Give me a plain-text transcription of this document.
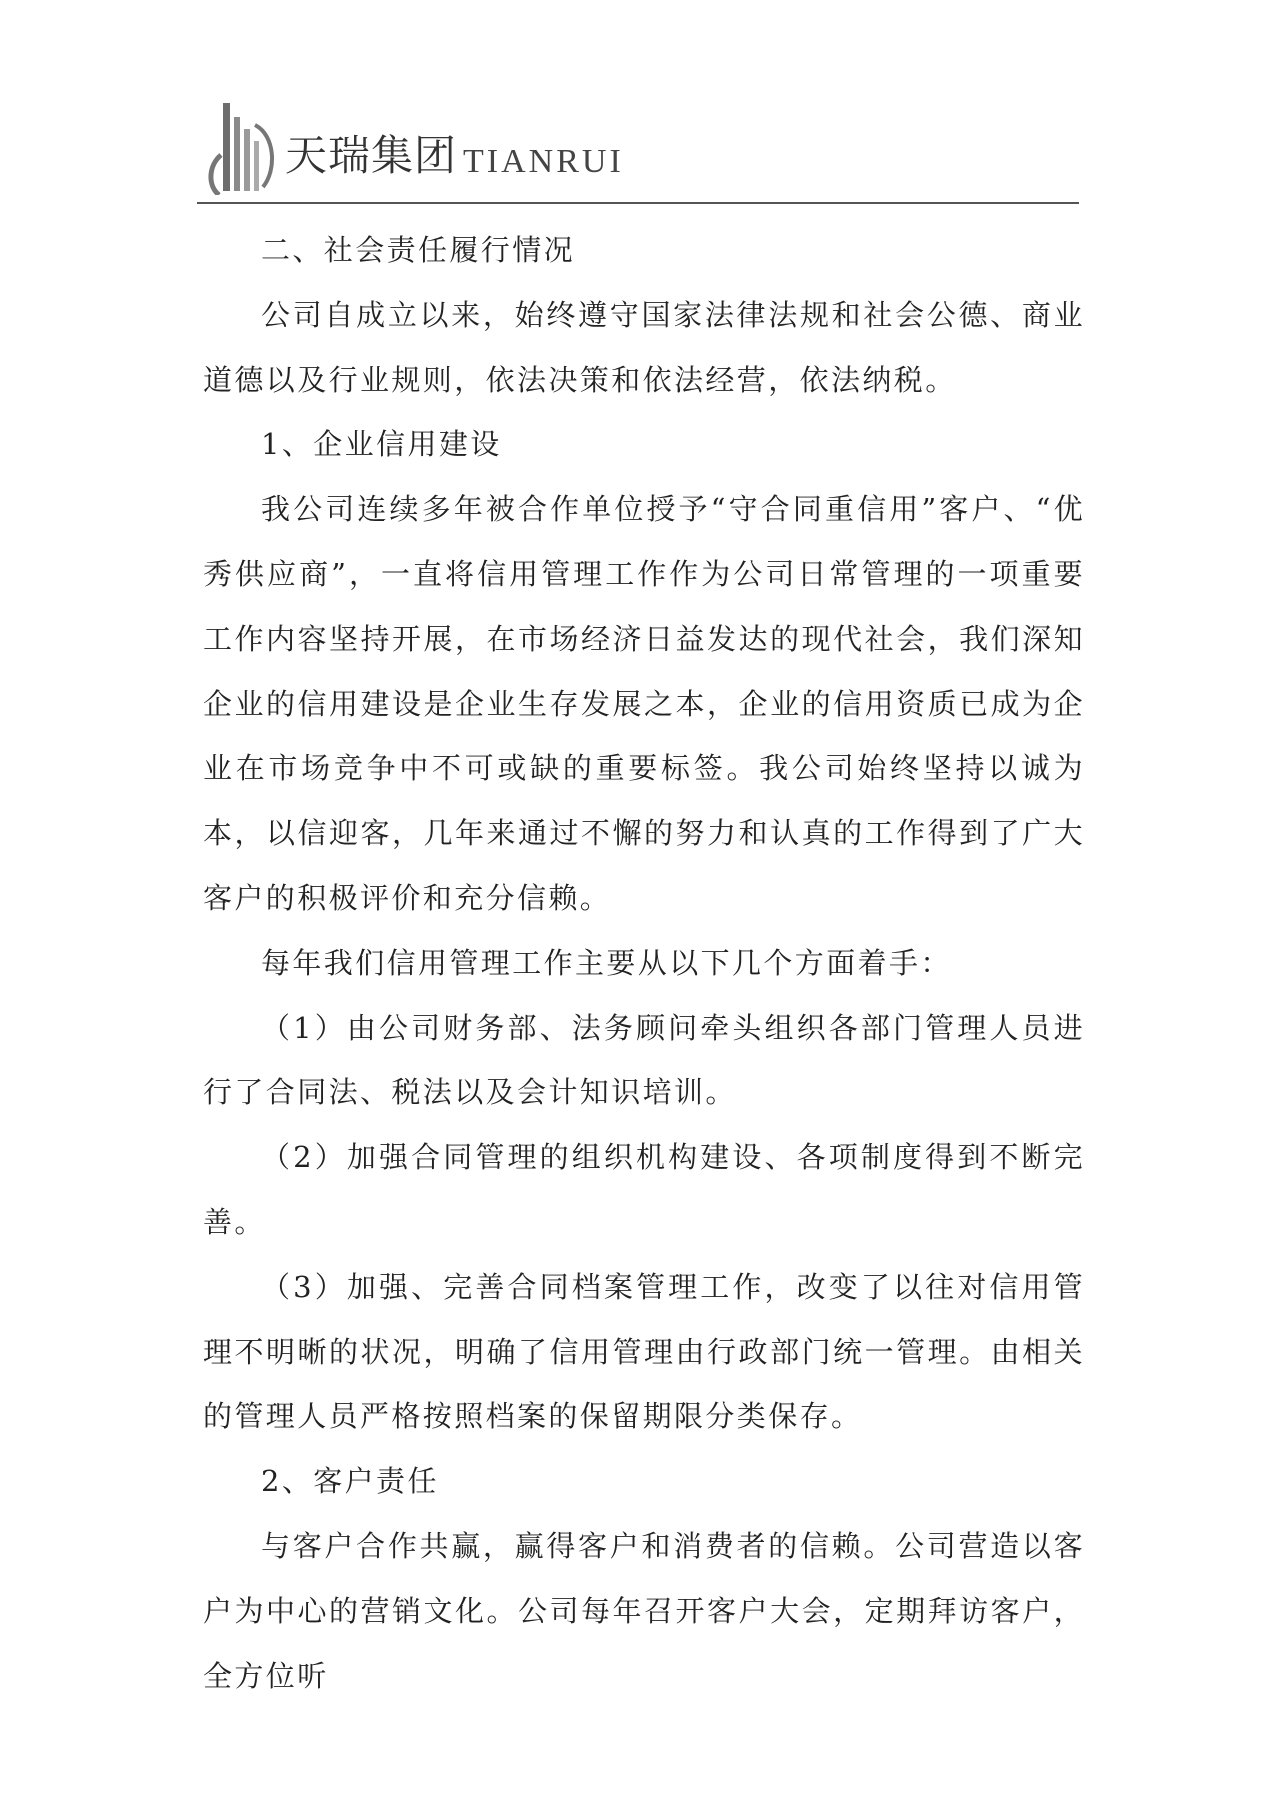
天瑞集团 TIANRUI

二、社会责任履行情况

公司自成立以来，始终遵守国家法律法规和社会公德、商业道德以及行业规则，依法决策和依法经营，依法纳税。

1、企业信用建设

我公司连续多年被合作单位授予“守合同重信用”客户、“优秀供应商”，一直将信用管理工作作为公司日常管理的一项重要工作内容坚持开展，在市场经济日益发达的现代社会，我们深知企业的信用建设是企业生存发展之本，企业的信用资质已成为企业在市场竞争中不可或缺的重要标签。我公司始终坚持以诚为本，以信迎客，几年来通过不懈的努力和认真的工作得到了广大客户的积极评价和充分信赖。

每年我们信用管理工作主要从以下几个方面着手：

（1）由公司财务部、法务顾问牵头组织各部门管理人员进行了合同法、税法以及会计知识培训。

（2）加强合同管理的组织机构建设、各项制度得到不断完善。

（3）加强、完善合同档案管理工作，改变了以往对信用管理不明晰的状况，明确了信用管理由行政部门统一管理。由相关的管理人员严格按照档案的保留期限分类保存。

2、客户责任

与客户合作共赢，赢得客户和消费者的信赖。公司营造以客户为中心的营销文化。公司每年召开客户大会，定期拜访客户，全方位听
